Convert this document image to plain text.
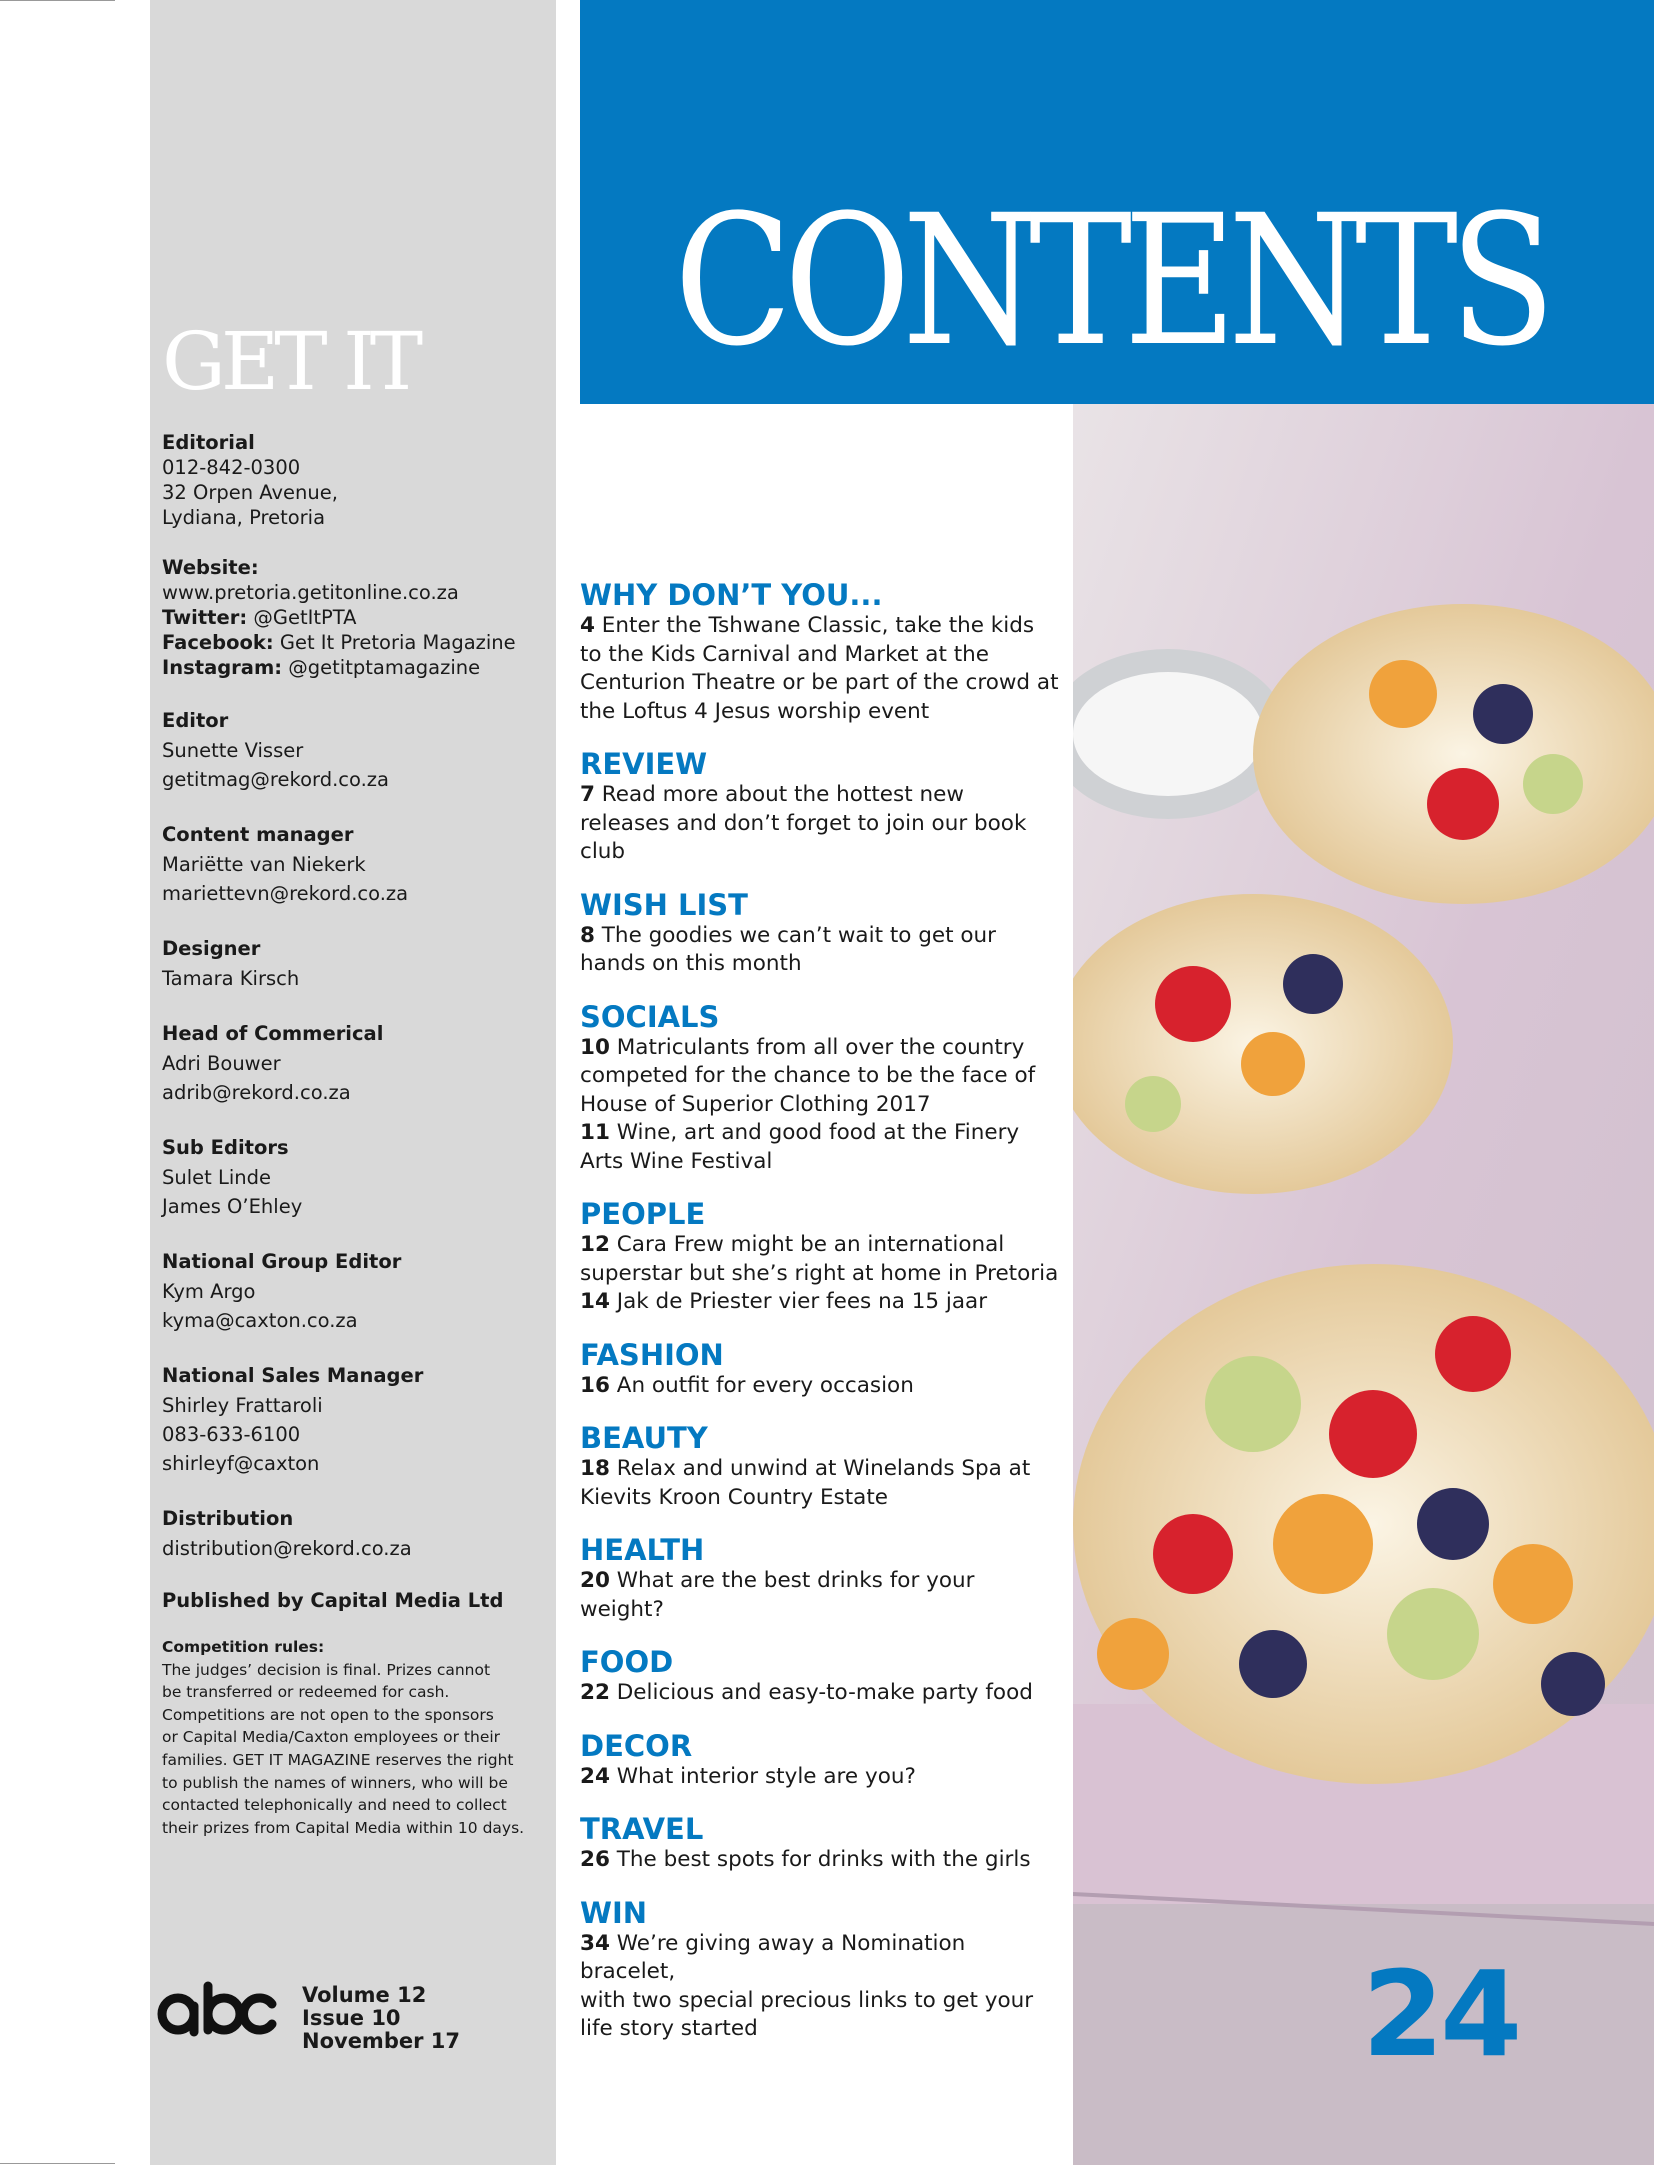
GET IT
Editorial
012-842-0300
32 Orpen Avenue,
Lydiana, Pretoria
Website: www.pretoria.getitonline.co.za
Twitter: @GetItPTA
Facebook: Get It Pretoria Magazine
Instagram: @getitptamagazine
Editor
Sunette Visser
getitmag@rekord.co.za
Content manager
Mariëtte van Niekerk
mariettevn@rekord.co.za
Designer
Tamara Kirsch
Head of Commerical
Adri Bouwer
adrib@rekord.co.za
Sub Editors
Sulet Linde
James O’Ehley
National Group Editor
Kym Argo
kyma@caxton.co.za
National Sales Manager
Shirley Frattaroli
083-633-6100
shirleyf@caxton
Distribution
distribution@rekord.co.za
Published by Capital Media Ltd
Competition rules:
The judges’ decision is final. Prizes cannot
be transferred or redeemed for cash.
Competitions are not open to the sponsors
or Capital Media/Caxton employees or their
families. GET IT MAGAZINE reserves the right
to publish the names of winners, who will be
contacted telephonically and need to collect
their prizes from Capital Media within 10 days.
Volume 12
Issue 10
November 17
CONTENTS
24
WHY DON’T YOU...
4 Enter the Tshwane Classic, take the kids
to the Kids Carnival and Market at the
Centurion Theatre or be part of the crowd at
the Loftus 4 Jesus worship event
REVIEW
7 Read more about the hottest new
releases and don’t forget to join our book
club
WISH LIST
8 The goodies we can’t wait to get our
hands on this month
SOCIALS
10 Matriculants from all over the country
competed for the chance to be the face of
House of Superior Clothing 2017
11 Wine, art and good food at the Finery
Arts Wine Festival
PEOPLE
12 Cara Frew might be an international
superstar but she’s right at home in Pretoria
14 Jak de Priester vier fees na 15 jaar
FASHION
16 An outfit for every occasion
BEAUTY
18 Relax and unwind at Winelands Spa at
Kievits Kroon Country Estate
HEALTH
20 What are the best drinks for your weight?
FOOD
22 Delicious and easy-to-make party food
DECOR
24 What interior style are you?
TRAVEL
26 The best spots for drinks with the girls
WIN
34 We’re giving away a Nomination bracelet,
with two special precious links to get your
life story started
